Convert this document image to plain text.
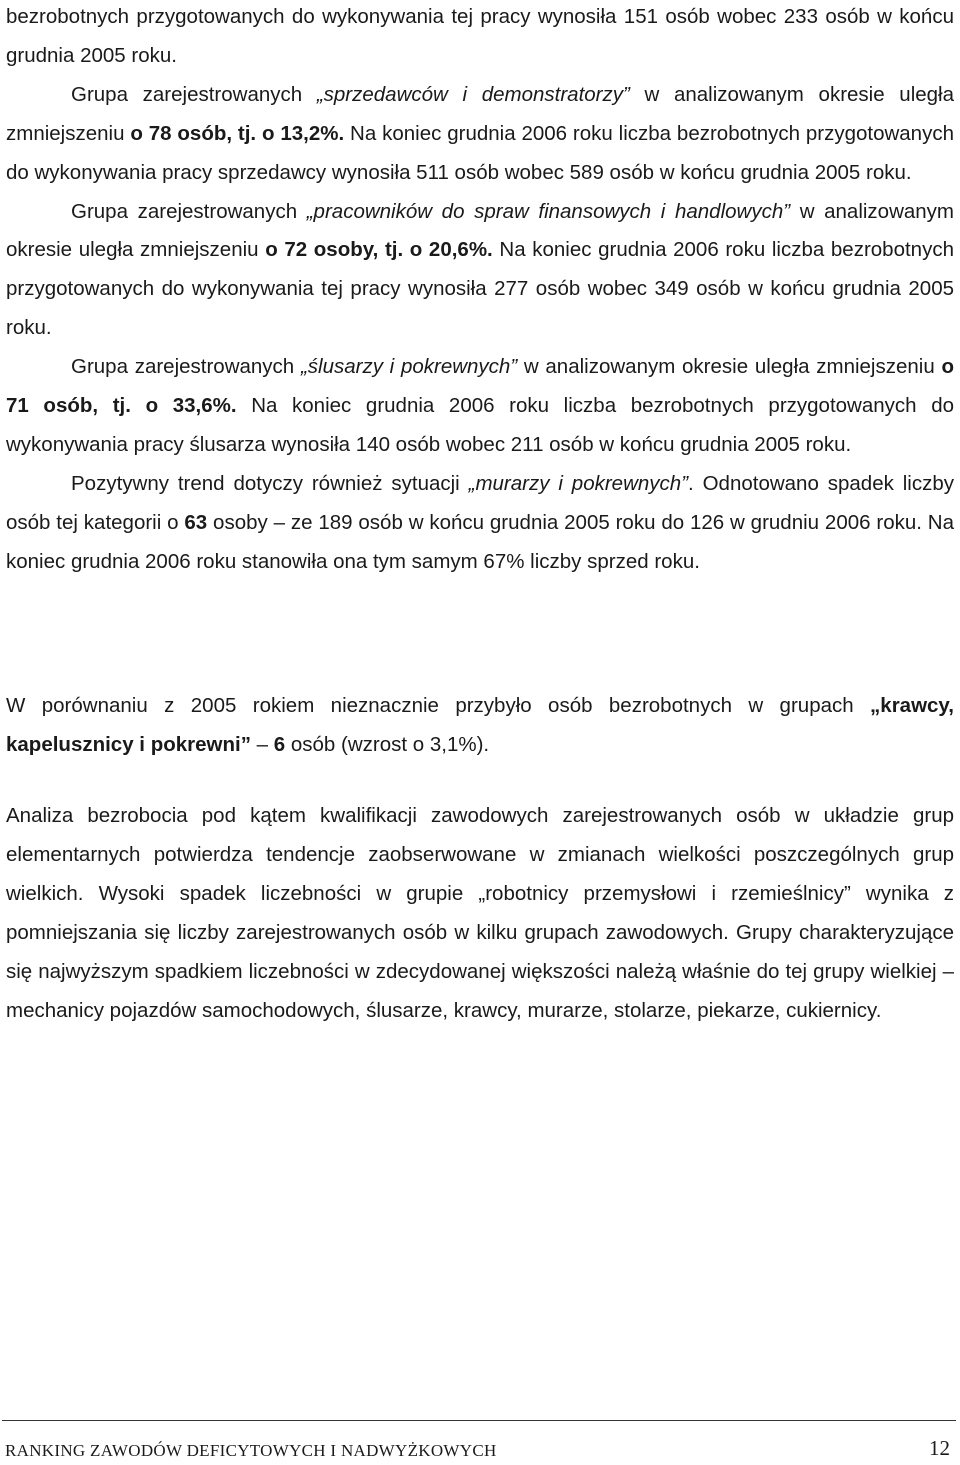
bezrobotnych przygotowanych do wykonywania tej pracy wynosiła 151 osób wobec 233 osób w końcu grudnia 2005 roku.

Grupa zarejestrowanych „sprzedawców i demonstratorzy” w analizowanym okresie uległa zmniejszeniu o 78 osób, tj. o 13,2%. Na koniec grudnia 2006 roku liczba bezrobotnych przygotowanych do wykonywania pracy sprzedawcy wynosiła 511 osób wobec 589 osób w końcu grudnia 2005 roku.

Grupa zarejestrowanych „pracowników do spraw finansowych i handlowych” w analizowanym okresie uległa zmniejszeniu o 72 osoby, tj. o 20,6%. Na koniec grudnia 2006 roku liczba bezrobotnych przygotowanych do wykonywania tej pracy wynosiła 277 osób wobec 349 osób w końcu grudnia 2005 roku.

Grupa zarejestrowanych „ślusarzy i pokrewnych” w analizowanym okresie uległa zmniejszeniu o 71 osób, tj. o 33,6%. Na koniec grudnia 2006 roku liczba bezrobotnych przygotowanych do wykonywania pracy ślusarza wynosiła 140 osób wobec 211 osób w końcu grudnia 2005 roku.

Pozytywny trend dotyczy również sytuacji „murarzy i pokrewnych”. Odnotowano spadek liczby osób tej kategorii o 63 osoby – ze 189 osób w końcu grudnia 2005 roku do 126 w grudniu 2006 roku. Na koniec grudnia 2006 roku stanowiła ona tym samym 67% liczby sprzed roku.

W porównaniu z 2005 rokiem nieznacznie przybyło osób bezrobotnych w grupach „krawcy, kapelusznicy i pokrewni” – 6 osób (wzrost o 3,1%).

Analiza bezrobocia pod kątem kwalifikacji zawodowych zarejestrowanych osób w układzie grup elementarnych potwierdza tendencje zaobserwowane w zmianach wielkości poszczególnych grup wielkich. Wysoki spadek liczebności w grupie „robotnicy przemysłowi i rzemieślnicy” wynika z pomniejszania się liczby zarejestrowanych osób w kilku grupach zawodowych. Grupy charakteryzujące się najwyższym spadkiem liczebności w zdecydowanej większości należą właśnie do tej grupy wielkiej – mechanicy pojazdów samochodowych, ślusarze, krawcy, murarze, stolarze, piekarze, cukiernicy.

RANKING ZAWODÓW DEFICYTOWYCH I NADWYŻKOWYCH	12
